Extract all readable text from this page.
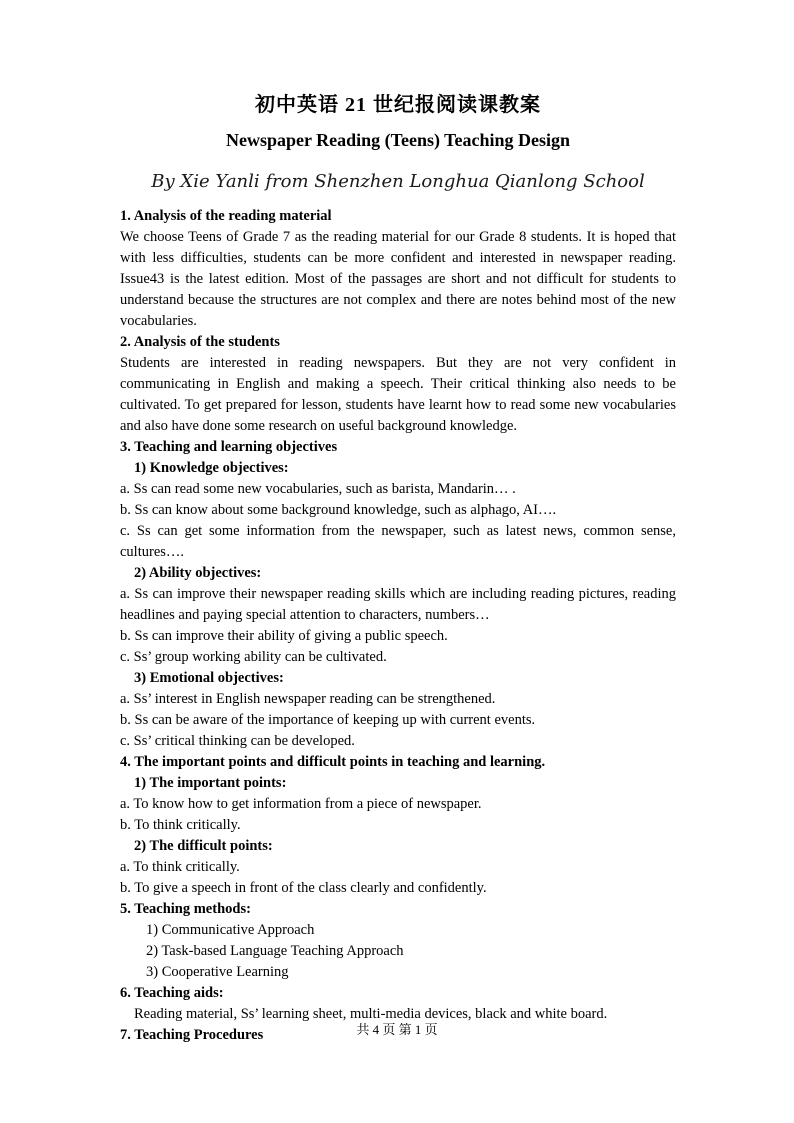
初中英语 21 世纪报阅读课教案
Newspaper Reading (Teens) Teaching Design
By Xie Yanli from Shenzhen Longhua Qianlong School
1. Analysis of the reading material
We choose Teens of Grade 7 as the reading material for our Grade 8 students. It is hoped that with less difficulties, students can be more confident and interested in newspaper reading. Issue43 is the latest edition. Most of the passages are short and not difficult for students to understand because the structures are not complex and there are notes behind most of the new vocabularies.
2. Analysis of the students
Students are interested in reading newspapers. But they are not very confident in communicating in English and making a speech. Their critical thinking also needs to be cultivated. To get prepared for lesson, students have learnt how to read some new vocabularies and also have done some research on useful background knowledge.
3. Teaching and learning objectives
1) Knowledge objectives:
a. Ss can read some new vocabularies, such as barista, Mandarin… .
b. Ss can know about some background knowledge, such as alphago, AI….
c. Ss can get some information from the newspaper, such as latest news, common sense, cultures….
2) Ability objectives:
a. Ss can improve their newspaper reading skills which are including reading pictures, reading headlines and paying special attention to characters, numbers…
b. Ss can improve their ability of giving a public speech.
c. Ss’ group working ability can be cultivated.
3) Emotional objectives:
a. Ss’ interest in English newspaper reading can be strengthened.
b. Ss can be aware of the importance of keeping up with current events.
c. Ss’ critical thinking can be developed.
4. The important points and difficult points in teaching and learning.
1) The important points:
a. To know how to get information from a piece of newspaper.
b. To think critically.
2) The difficult points:
a. To think critically.
b. To give a speech in front of the class clearly and confidently.
5. Teaching methods:
1) Communicative Approach
2) Task-based Language Teaching Approach
3) Cooperative Learning
6. Teaching aids:
Reading material, Ss’ learning sheet, multi-media devices, black and white board.
7. Teaching Procedures	共 4 页 第 1 页
